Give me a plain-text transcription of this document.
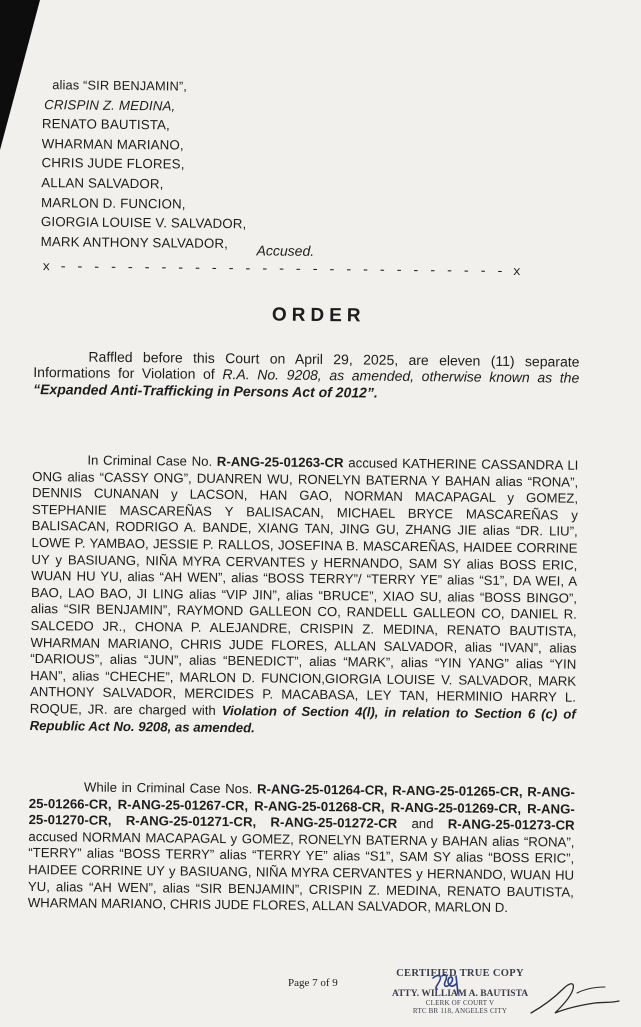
alias “SIR BENJAMIN”,
CRISPIN Z. MEDINA,
RENATO BAUTISTA,
WHARMAN MARIANO,
CHRIS JUDE FLORES,
ALLAN SALVADOR,
MARLON D. FUNCION,
GIORGIA LOUISE V. SALVADOR,
MARK ANTHONY SALVADOR,	Accused.
x - - - - - - - - - - - - - - - - - - - - - - - - - - - x
ORDER

Raffled before this Court on April 29, 2025, are eleven (11) separate Informations for Violation of R.A. No. 9208, as amended, otherwise known as the “Expanded Anti-Trafficking in Persons Act of 2012”.

In Criminal Case No. R-ANG-25-01263-CR accused KATHERINE CASSANDRA LI ONG alias “CASSY ONG”, DUANREN WU, RONELYN BATERNA Y BAHAN alias “RONA”, DENNIS CUNANAN y LACSON, HAN GAO, NORMAN MACAPAGAL y GOMEZ, STEPHANIE MASCAREÑAS Y BALISACAN, MICHAEL BRYCE MASCAREÑAS y BALISACAN, RODRIGO A. BANDE, XIANG TAN, JING GU, ZHANG JIE alias “DR. LIU”, LOWE P. YAMBAO, JESSIE P. RALLOS, JOSEFINA B. MASCAREÑAS, HAIDEE CORRINE UY y BASIUANG, NIÑA MYRA CERVANTES y HERNANDO, SAM SY alias BOSS ERIC, WUAN HU YU, alias “AH WEN”, alias “BOSS TERRY”/ “TERRY YE” alias “S1”, DA WEI, A BAO, LAO BAO, JI LING alias “VIP JIN”, alias “BRUCE”, XIAO SU, alias “BOSS BINGO”, alias “SIR BENJAMIN”, RAYMOND GALLEON CO, RANDELL GALLEON CO, DANIEL R. SALCEDO JR., CHONA P. ALEJANDRE, CRISPIN Z. MEDINA, RENATO BAUTISTA, WHARMAN MARIANO, CHRIS JUDE FLORES, ALLAN SALVADOR, alias “IVAN”, alias “DARIOUS”, alias “JUN”, alias “BENEDICT”, alias “MARK”, alias “YIN YANG” alias “YIN HAN”, alias “CHECHE”, MARLON D. FUNCION,GIORGIA LOUISE V. SALVADOR, MARK ANTHONY SALVADOR, MERCIDES P. MACABASA, LEY TAN, HERMINIO HARRY L. ROQUE, JR. are charged with Violation of Section 4(l), in relation to Section 6 (c) of Republic Act No. 9208, as amended.

While in Criminal Case Nos. R-ANG-25-01264-CR, R-ANG-25-01265-CR, R-ANG-25-01266-CR, R-ANG-25-01267-CR, R-ANG-25-01268-CR, R-ANG-25-01269-CR, R-ANG-25-01270-CR, R-ANG-25-01271-CR, R-ANG-25-01272-CR and R-ANG-25-01273-CR accused NORMAN MACAPAGAL y GOMEZ, RONELYN BATERNA y BAHAN alias “RONA”, “TERRY” alias “BOSS TERRY” alias “TERRY YE” alias “S1”, SAM SY alias “BOSS ERIC”, HAIDEE CORRINE UY y BASIUANG, NIÑA MYRA CERVANTES y HERNANDO, WUAN HU YU, alias “AH WEN”, alias “SIR BENJAMIN”, CRISPIN Z. MEDINA, RENATO BAUTISTA, WHARMAN MARIANO, CHRIS JUDE FLORES, ALLAN SALVADOR, MARLON D.

Page 7 of 9
CERTIFIED TRUE COPY
ATTY. WILLIAM A. BAUTISTA
CLERK OF COURT V
RTC BR 118, ANGELES CITY
